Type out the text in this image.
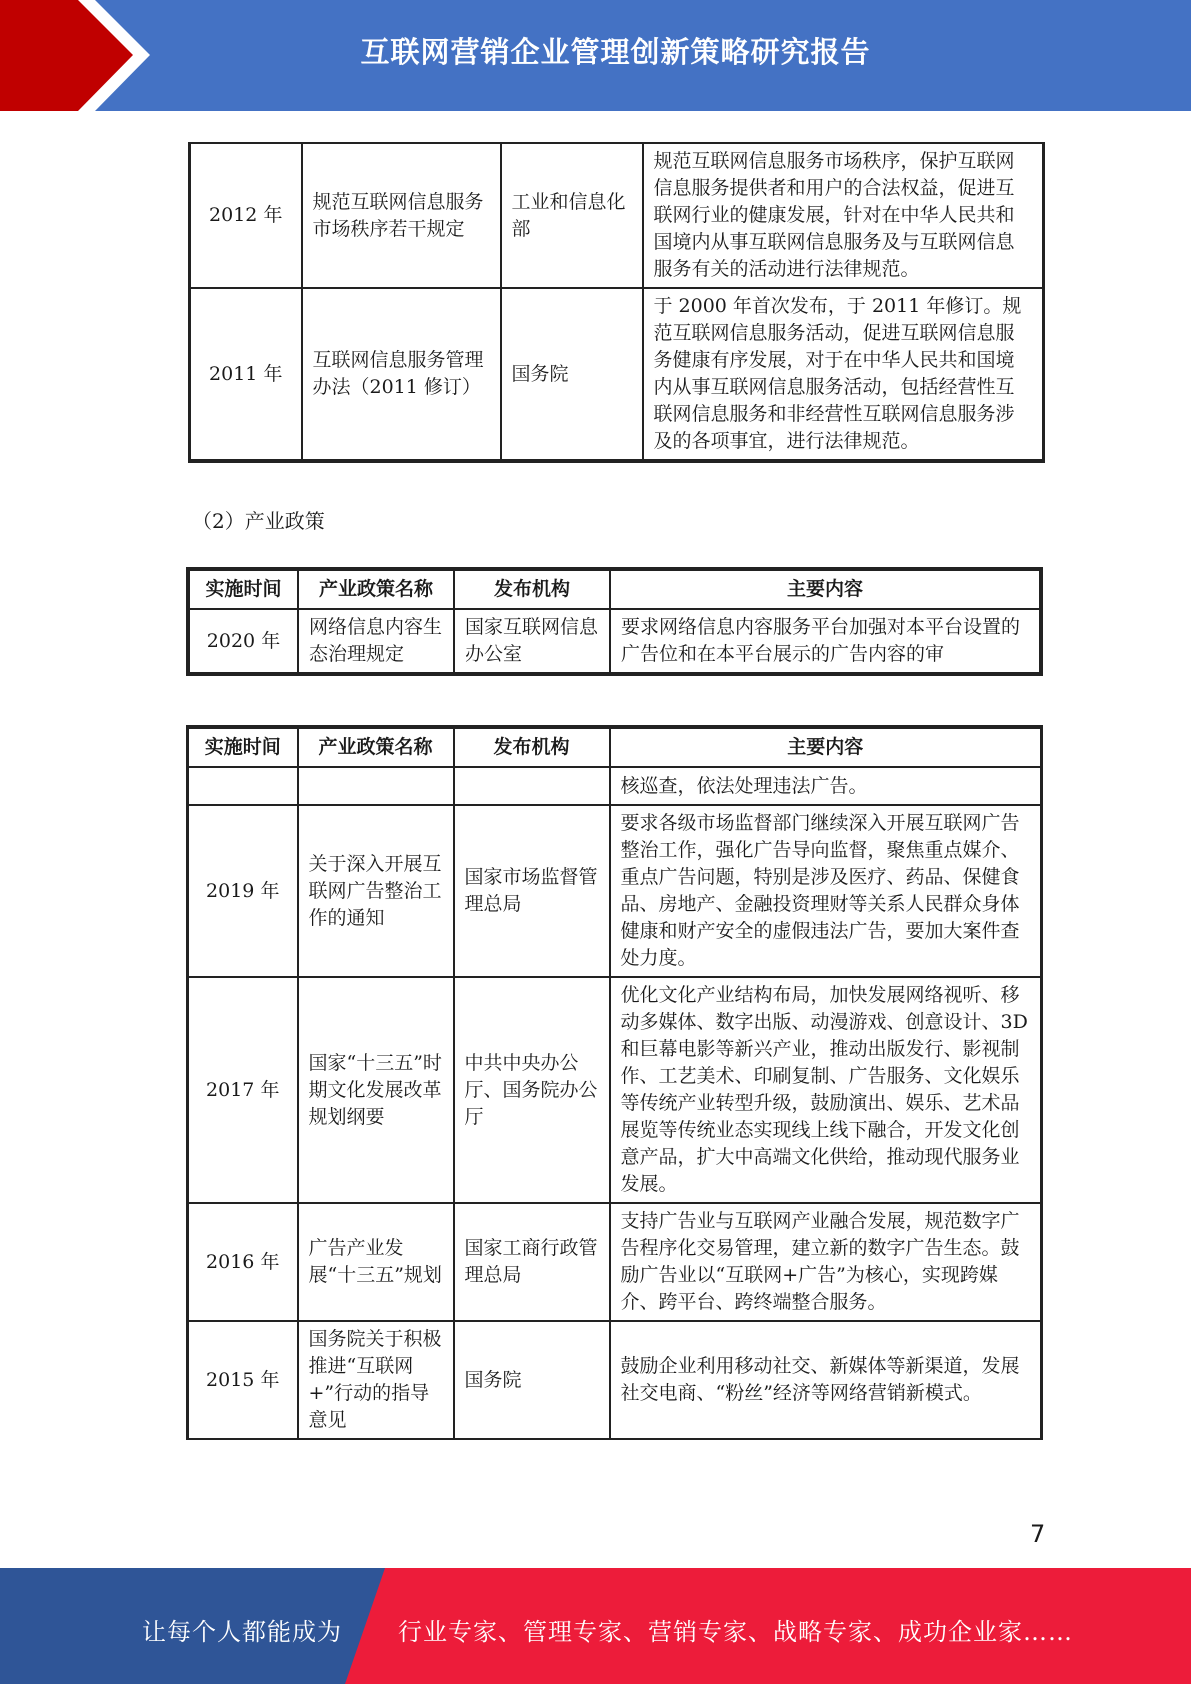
互联网营销企业管理创新策略研究报告
2012 年	规范互联网信息服务市场秩序若干规定	工业和信息化部	规范互联网信息服务市场秩序，保护互联网信息服务提供者和用户的合法权益，促进互联网行业的健康发展，针对在中华人民共和国境内从事互联网信息服务及与互联网信息服务有关的活动进行法律规范。
2011 年	互联网信息服务管理办法（2011 修订）	国务院	于 2000 年首次发布，于 2011 年修订。规范互联网信息服务活动，促进互联网信息服务健康有序发展，对于在中华人民共和国境内从事互联网信息服务活动，包括经营性互联网信息服务和非经营性互联网信息服务涉及的各项事宜，进行法律规范。
（2）产业政策
实施时间	产业政策名称	发布机构	主要内容
2020 年	网络信息内容生态治理规定	国家互联网信息办公室	要求网络信息内容服务平台加强对本平台设置的广告位和在本平台展示的广告内容的审
实施时间	产业政策名称	发布机构	主要内容
			核巡查，依法处理违法广告。
2019 年	关于深入开展互联网广告整治工作的通知	国家市场监督管理总局	要求各级市场监督部门继续深入开展互联网广告整治工作，强化广告导向监督，聚焦重点媒介、重点广告问题，特别是涉及医疗、药品、保健食品、房地产、金融投资理财等关系人民群众身体健康和财产安全的虚假违法广告，要加大案件查处力度。
2017 年	国家“十三五”时期文化发展改革规划纲要	中共中央办公厅、国务院办公厅	优化文化产业结构布局，加快发展网络视听、移动多媒体、数字出版、动漫游戏、创意设计、3D 和巨幕电影等新兴产业，推动出版发行、影视制作、工艺美术、印刷复制、广告服务、文化娱乐等传统产业转型升级，鼓励演出、娱乐、艺术品展览等传统业态实现线上线下融合，开发文化创意产品，扩大中高端文化供给，推动现代服务业发展。
2016 年	广告产业发展“十三五”规划	国家工商行政管理总局	支持广告业与互联网产业融合发展，规范数字广告程序化交易管理，建立新的数字广告生态。鼓励广告业以“互联网+广告”为核心，实现跨媒介、跨平台、跨终端整合服务。
2015 年	国务院关于积极推进“互联网+”行动的指导意见	国务院	鼓励企业利用移动社交、新媒体等新渠道，发展社交电商、“粉丝”经济等网络营销新模式。
7
让每个人都能成为 行业专家、管理专家、营销专家、战略专家、成功企业家……
